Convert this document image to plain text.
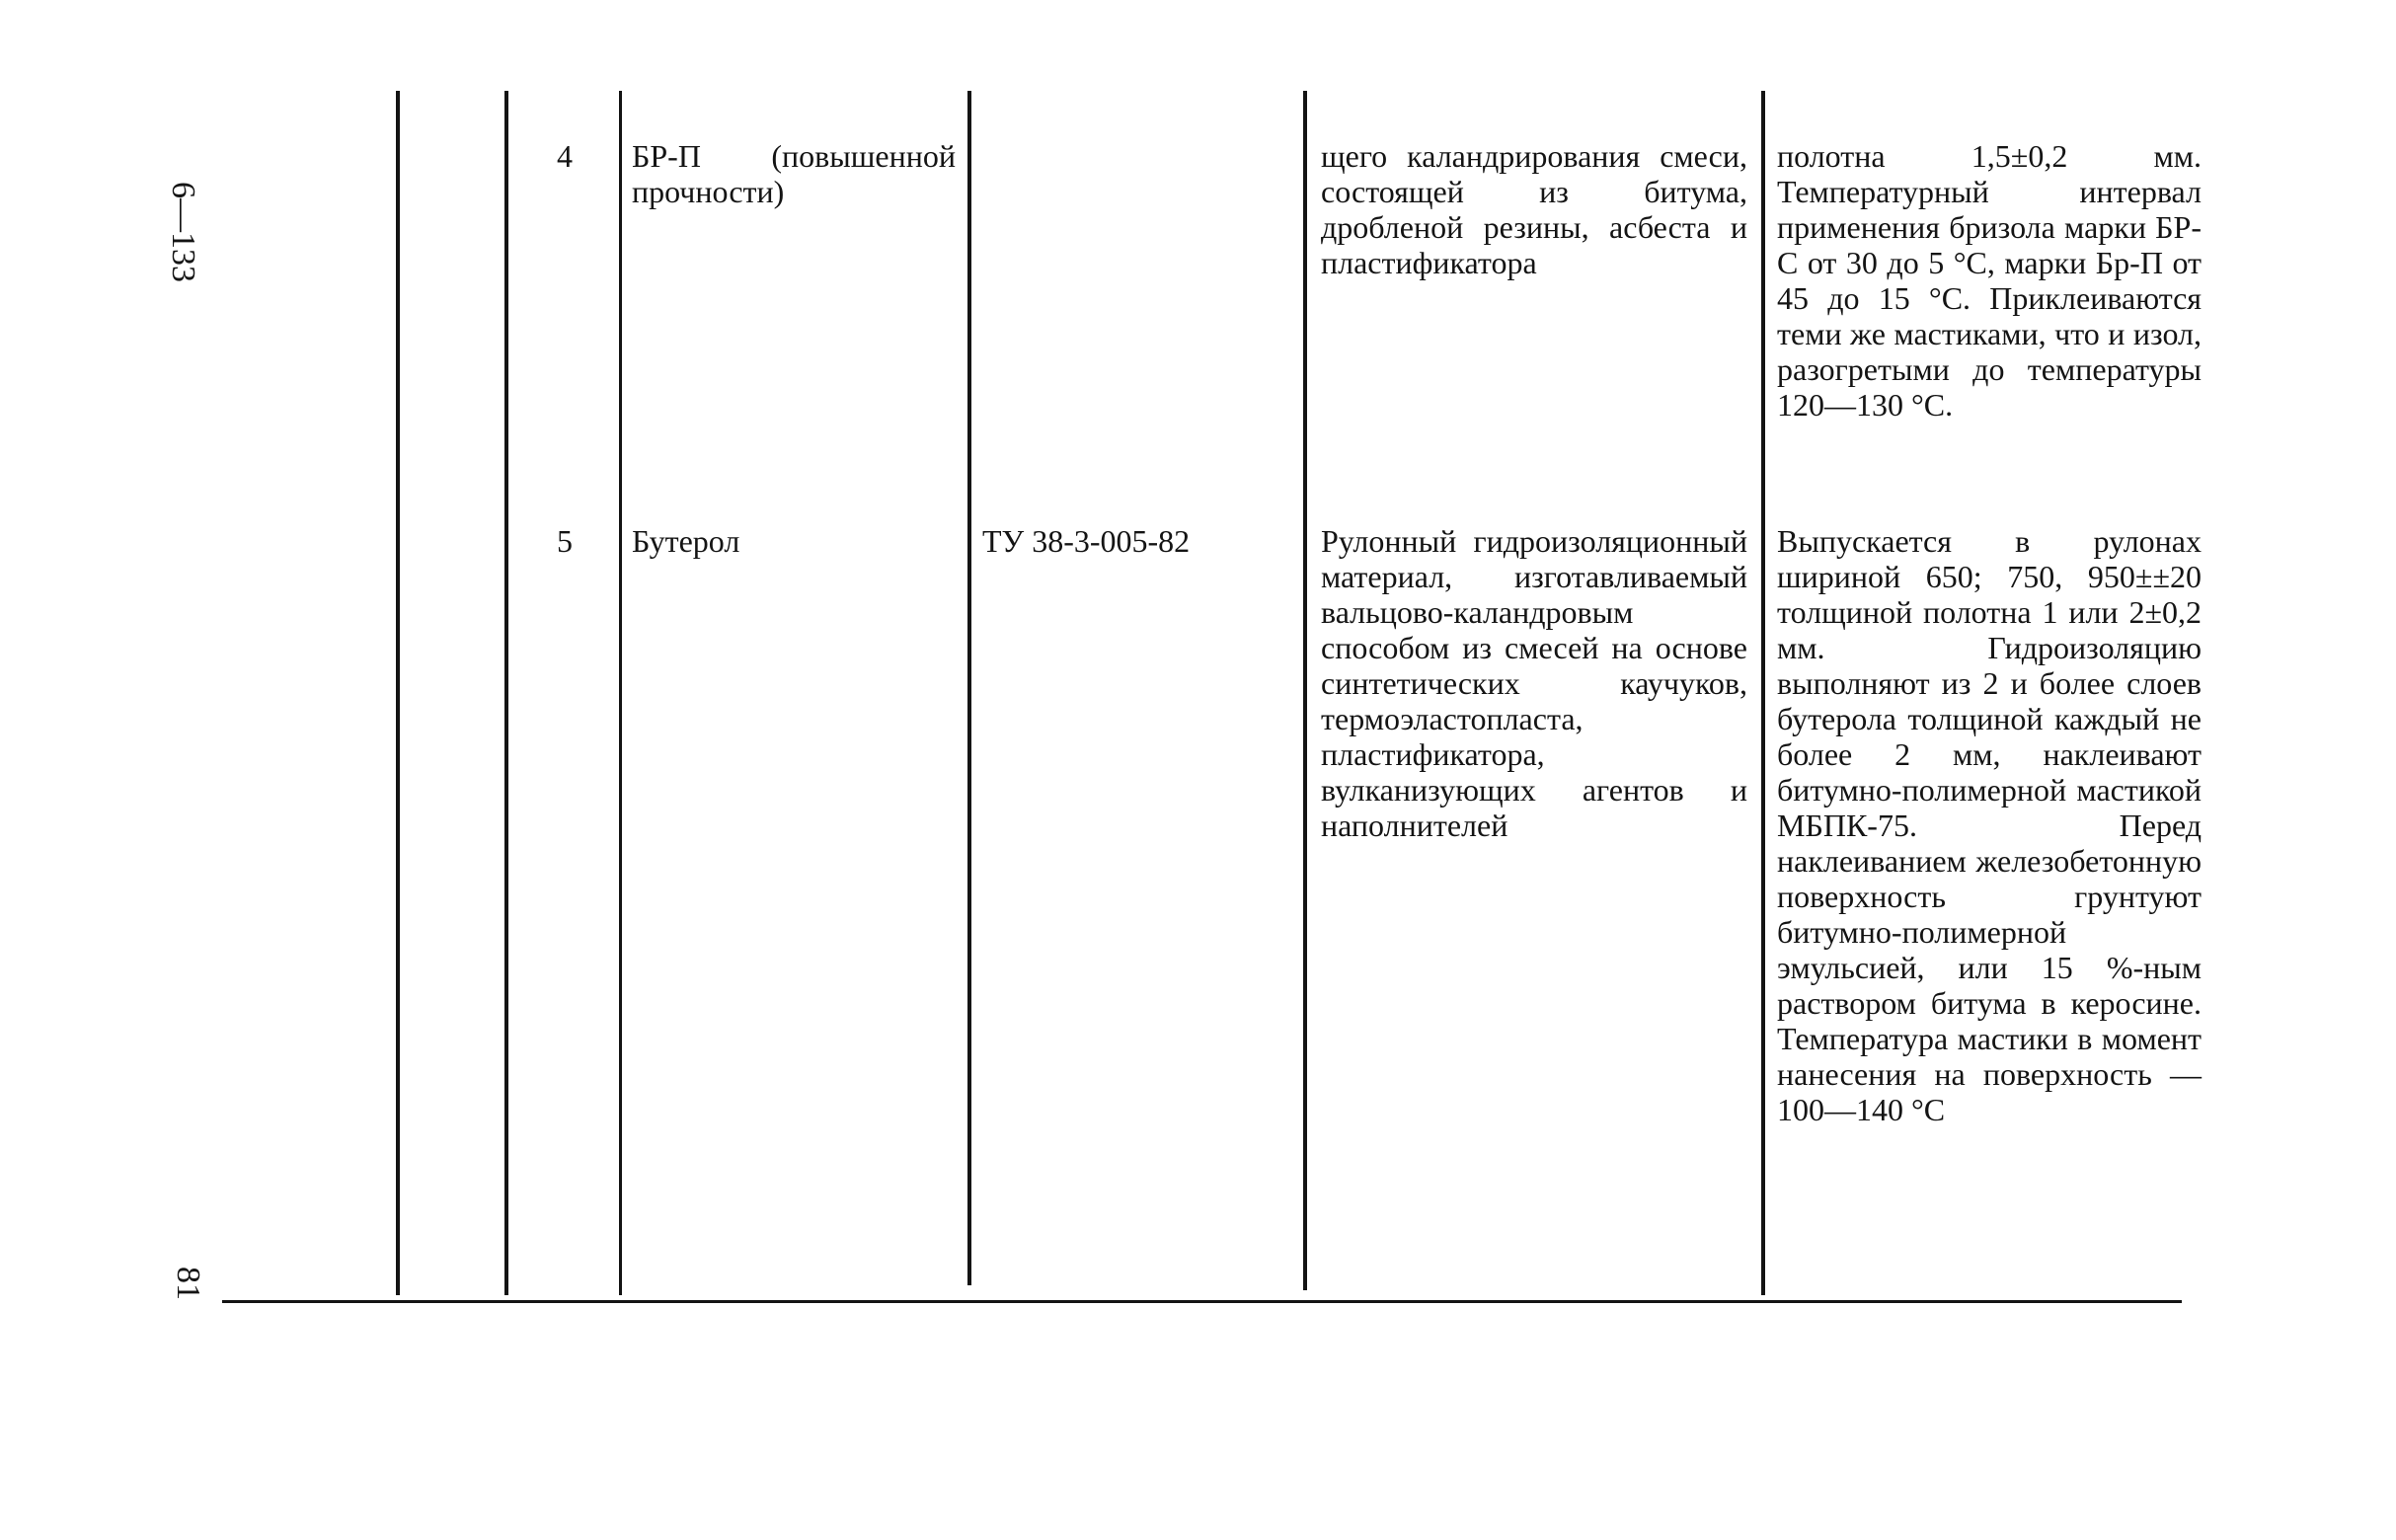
6—133
81
4 БР-П (повышенной прочности)
щего каландрирования смеси, состоящей из битума, дробленой резины, асбеста и пластификатора
полотна 1,5±0,2 мм. Температурный интервал применения бризола марки БР-С от 30 до 5 °С, марки Бр-П от 45 до 15 °С. Приклеиваются теми же мастиками, что и изол, разогретыми до температуры 120—130 °С.
5 Бутерол	ТУ 38-3-005-82	Рулонный гидроизоляционный материал, изготавливаемый вальцово-каландровым способом из смесей на основе синтетических каучуков, термоэластопласта, пластификатора, вулканизующих агентов и наполнителей
Выпускается в рулонах шириной 650; 750, 950±±20 толщиной полотна 1 или 2±0,2 мм. Гидроизоляцию выполняют из 2 и более слоев бутерола толщиной каждый не более 2 мм, наклеивают битумно-полимерной мастикой МБПК-75. Перед наклеиванием железобетонную поверхность грунтуют битумно-полимерной эмульсией, или 15 %-ным раствором битума в керосине. Температура мастики в момент нанесения на поверхность — 100—140 °С
